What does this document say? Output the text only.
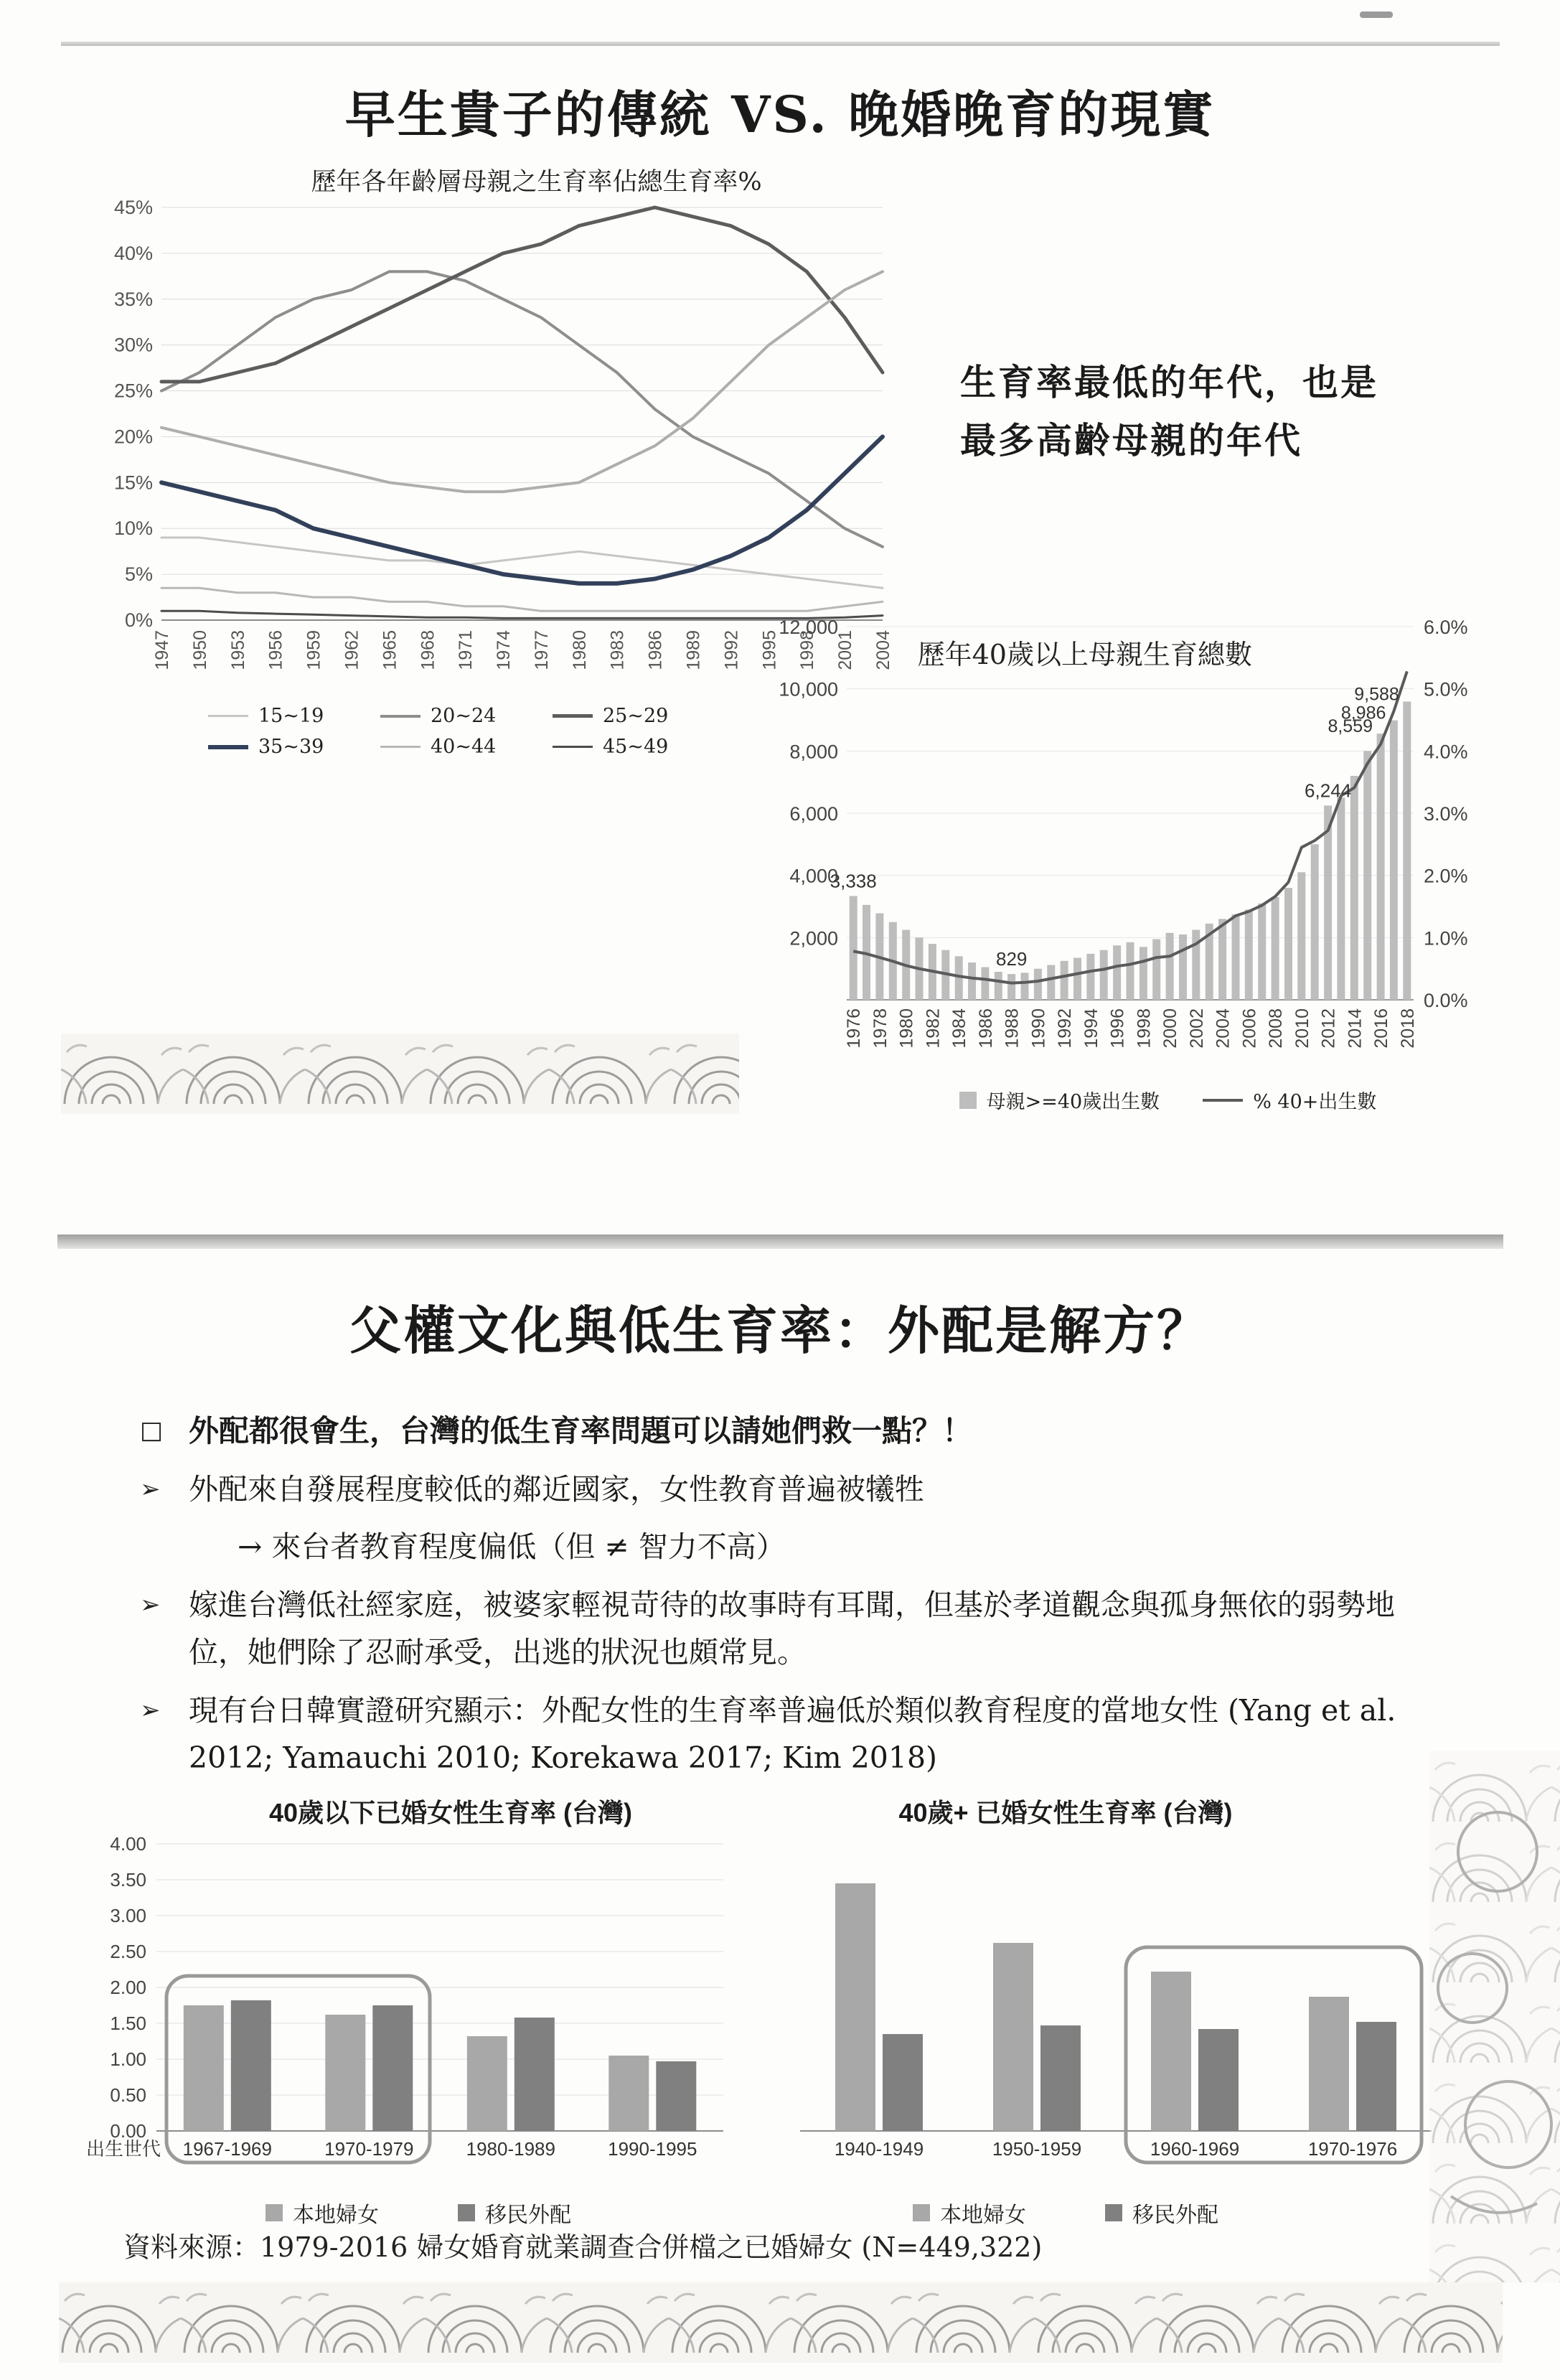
早生貴子的傳統 VS. 晚婚晚育的現實
歷年各年齡層母親之生育率佔總生育率%
0%
5%
10%
15%
20%
25%
30%
35%
40%
45%
1947 1950 1953 1956 1959 1962 1965 1968 1971 1974 1977 1980 1983 1986 1989 1992 1995 1998 2001 2004
15~19	20~24	25~29
35~39	40~44	45~49
生育率最低的年代，也是
最多高齡母親的年代
12,000
10,000
8,000
6,000
4,000
2,000
6.0%
5.0%
4.0%
3.0%
2.0%
1.0%
0.0%
1976 1978 1980 1982 1984 1986 1988 1990 1992 1994 1996 1998 2000 2002 2004 2006 2008 2010 2012 2014 2016 2018
歷年40歲以上母親生育總數
3,338
829
6,244
8,559
8,986
9,588
母親>=40歲出生數	% 40+出生數
父權文化與低生育率：外配是解方？
□ 外配都很會生，台灣的低生育率問題可以請她們救一點？！
➢ 外配來自發展程度較低的鄰近國家，女性教育普遍被犧牲
→ 來台者教育程度偏低（但 ≠ 智力不高）
➢ 嫁進台灣低社經家庭，被婆家輕視苛待的故事時有耳聞，但基於孝道觀念與孤身無依的弱勢地位，她們除了忍耐承受，出逃的狀況也頗常見。
➢ 現有台日韓實證研究顯示：外配女性的生育率普遍低於類似教育程度的當地女性 (Yang et al. 2012; Yamauchi 2010; Korekawa 2017; Kim 2018)
40歲以下已婚女性生育率 (台灣)
4.00
3.50
3.00
2.50
2.00
1.50
1.00
0.50
0.00
1967-1969	1970-1979	1980-1989	1990-1995
出生世代
本地婦女	移民外配
40歲+ 已婚女性生育率 (台灣)
1940-1949	1950-1959	1960-1969	1970-1976
本地婦女	移民外配
資料來源：1979-2016 婦女婚育就業調查合併檔之已婚婦女 (N=449,322)
